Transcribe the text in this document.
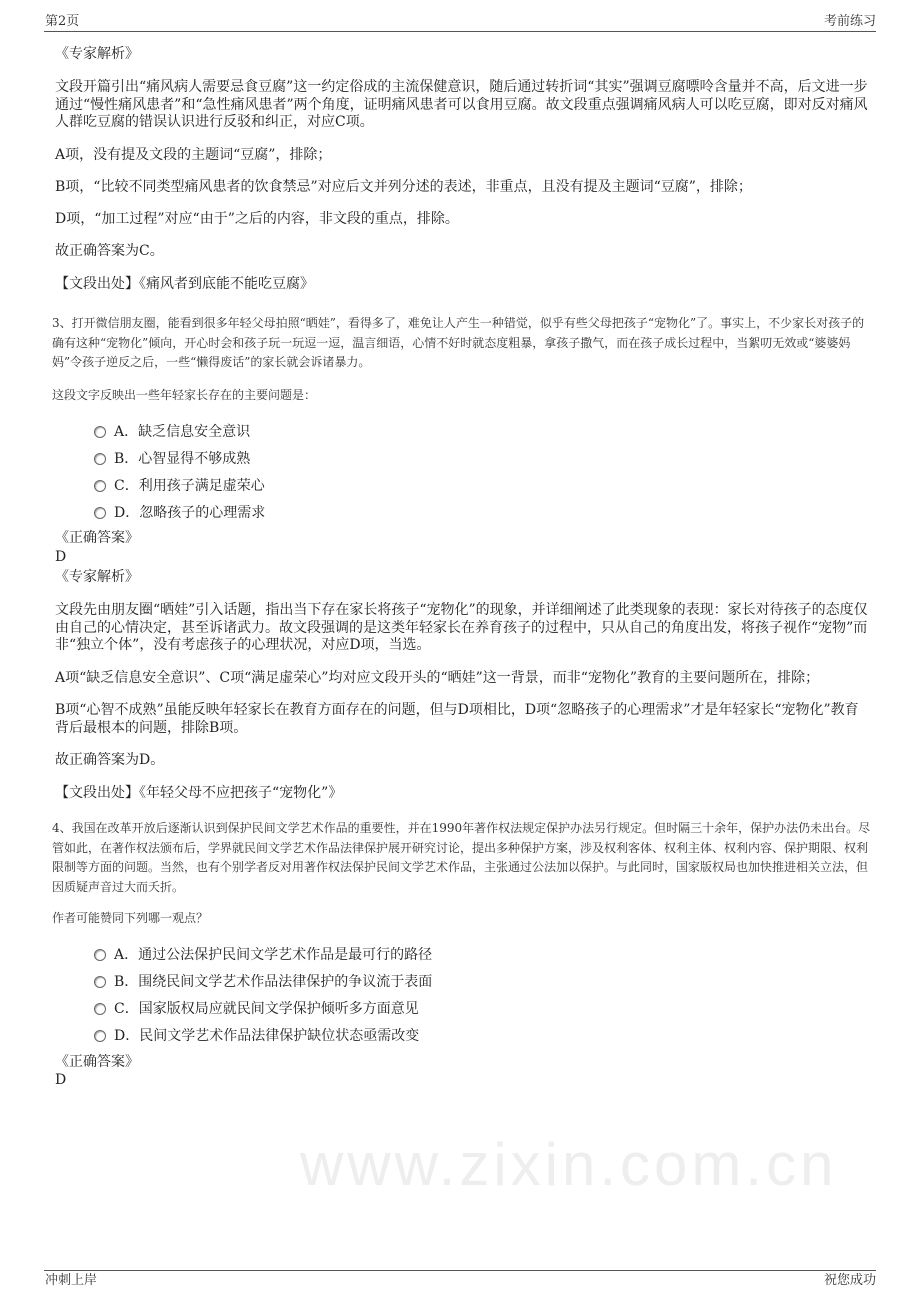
第2页	考前练习
《专家解析》
文段开篇引出“痛风病人需要忌食豆腐”这一约定俗成的主流保健意识，随后通过转折词“其实”强调豆腐嘌呤含量并不高，后文进一步通过“慢性痛风患者”和“急性痛风患者”两个角度，证明痛风患者可以食用豆腐。故文段重点强调痛风病人可以吃豆腐，即对反对痛风人群吃豆腐的错误认识进行反驳和纠正，对应C项。
A项，没有提及文段的主题词“豆腐”，排除；
B项，“比较不同类型痛风患者的饮食禁忌”对应后文并列分述的表述，非重点，且没有提及主题词“豆腐”，排除；
D项，“加工过程”对应“由于”之后的内容，非文段的重点，排除。
故正确答案为C。
【文段出处】《痛风者到底能不能吃豆腐》
3、打开微信朋友圈，能看到很多年轻父母拍照“晒娃”，看得多了，难免让人产生一种错觉，似乎有些父母把孩子“宠物化”了。事实上，不少家长对孩子的确有这种“宠物化”倾向，开心时会和孩子玩一玩逗一逗，温言细语，心情不好时就态度粗暴，拿孩子撒气，而在孩子成长过程中，当絮叨无效或“婆婆妈妈”令孩子逆反之后，一些“懒得废话”的家长就会诉诸暴力。
这段文字反映出一些年轻家长存在的主要问题是：
A．缺乏信息安全意识
B．心智显得不够成熟
C．利用孩子满足虚荣心
D．忽略孩子的心理需求
《正确答案》
D
《专家解析》
文段先由朋友圈“晒娃”引入话题，指出当下存在家长将孩子“宠物化”的现象，并详细阐述了此类现象的表现：家长对待孩子的态度仅由自己的心情决定，甚至诉诸武力。故文段强调的是这类年轻家长在养育孩子的过程中，只从自己的角度出发，将孩子视作“宠物”而非“独立个体”，没有考虑孩子的心理状况，对应D项，当选。
A项“缺乏信息安全意识”、C项“满足虚荣心”均对应文段开头的“晒娃”这一背景，而非“宠物化”教育的主要问题所在，排除；
B项“心智不成熟”虽能反映年轻家长在教育方面存在的问题，但与D项相比，D项“忽略孩子的心理需求”才是年轻家长“宠物化”教育背后最根本的问题，排除B项。
故正确答案为D。
【文段出处】《年轻父母不应把孩子“宠物化”》
4、我国在改革开放后逐渐认识到保护民间文学艺术作品的重要性，并在1990年著作权法规定保护办法另行规定。但时隔三十余年，保护办法仍未出台。尽管如此，在著作权法颁布后，学界就民间文学艺术作品法律保护展开研究讨论，提出多种保护方案，涉及权利客体、权利主体、权利内容、保护期限、权利限制等方面的问题。当然，也有个别学者反对用著作权法保护民间文学艺术作品，主张通过公法加以保护。与此同时，国家版权局也加快推进相关立法，但因质疑声音过大而夭折。
作者可能赞同下列哪一观点？
A．通过公法保护民间文学艺术作品是最可行的路径
B．围绕民间文学艺术作品法律保护的争议流于表面
C．国家版权局应就民间文学保护倾听多方面意见
D．民间文学艺术作品法律保护缺位状态亟需改变
《正确答案》
D
www.zixin.com.cn
冲刺上岸	祝您成功
